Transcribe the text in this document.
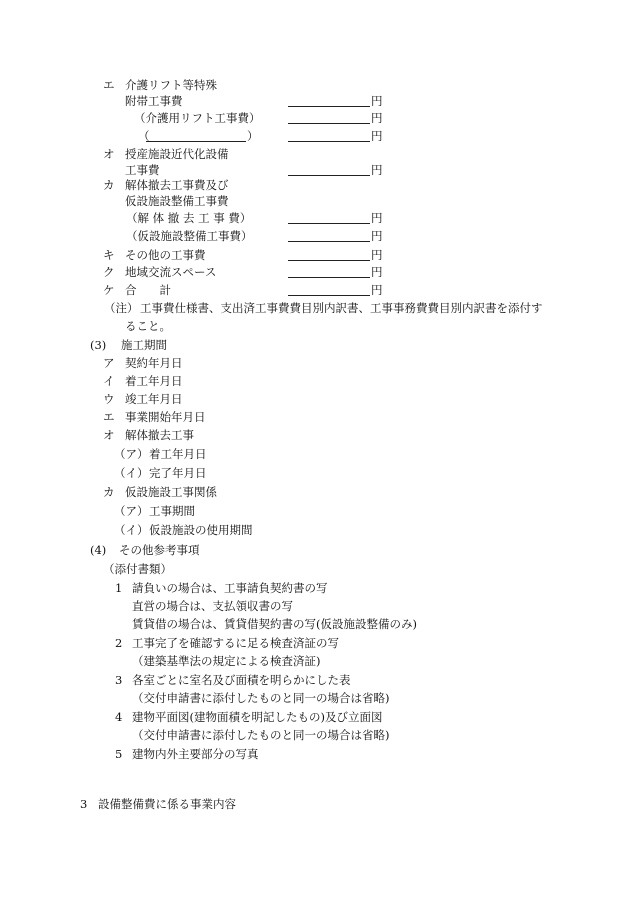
エ 介護リフト等特殊
附帯工事費	円
（介護用リフト工事費）	円
（	）	円
オ 授産施設近代化設備
工事費	円
カ 解体撤去工事費及び
仮設施設整備工事費
（解 体 撤 去 工 事 費）	円
（仮設施設整備工事費）	円
キ その他の工事費	円
ク 地域交流スペース	円
ケ 合　　計	円
（注） 工事費仕様書、支出済工事費費目別内訳書、工事事務費費目別内訳書を添付す
ること。
(3) 施工期間
ア 契約年月日
イ 着工年月日
ウ 竣工年月日
エ 事業開始年月日
オ 解体撤去工事
（ア） 着工年月日
（イ） 完了年月日
カ 仮設施設工事関係
（ア） 工事期間
（イ） 仮設施設の使用期間
(4) その他参考事項
（添付書類）
1 請負いの場合は、工事請負契約書の写
直営の場合は、支払領収書の写
賃貸借の場合は、賃貸借契約書の写(仮設施設整備のみ)
2 工事完了を確認するに足る検査済証の写
（建築基準法の規定による検査済証)
3 各室ごとに室名及び面積を明らかにした表
（交付申請書に添付したものと同一の場合は省略)
4 建物平面図(建物面積を明記したもの)及び立面図
（交付申請書に添付したものと同一の場合は省略)
5 建物内外主要部分の写真
3 設備整備費に係る事業内容
